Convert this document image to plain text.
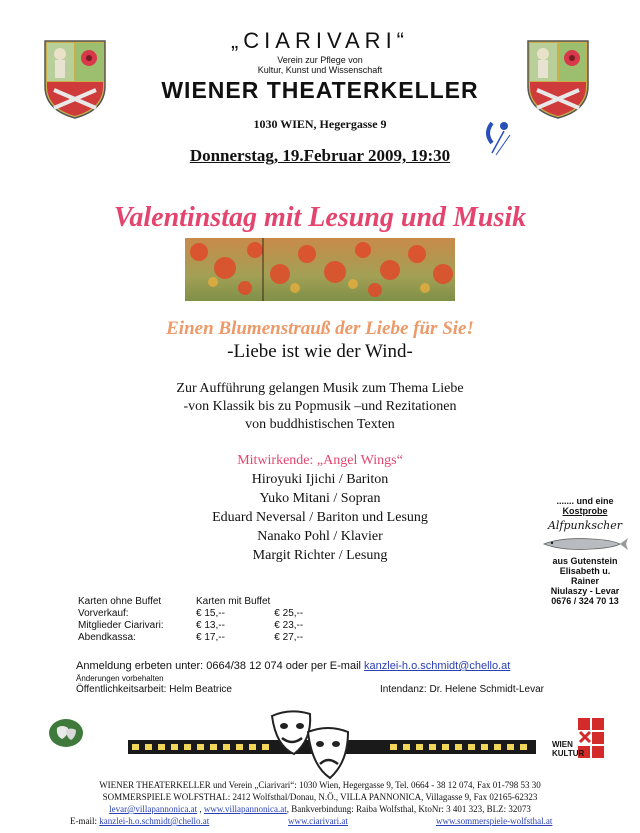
„CIARIVARI“
Verein zur Pflege von
Kultur, Kunst und Wissenschaft
WIENER THEATERKELLER
1030 WIEN, Hegergasse 9
Donnerstag, 19.Februar 2009, 19:30
Valentinstag mit Lesung und Musik
Einen Blumenstrauß der Liebe für Sie!
-Liebe ist wie der Wind-
Zur Aufführung gelangen Musik zum Thema Liebe
-von Klassik bis zu Popmusik –und Rezitationen
von buddhistischen Texten
Mitwirkende: „Angel Wings“
Hiroyuki Ijichi / Bariton
Yuko Mitani / Sopran
Eduard Neversal / Bariton und Lesung
Nanako Pohl / Klavier
Margit Richter / Lesung
....... und eine
Kostprobe
Alfpunkscher
aus Gutenstein
Elisabeth u.
Rainer
Niulaszy - Levar
0676 / 324 70 13
Karten ohne Buffet	Karten mit Buffet	
Vorverkauf:	€ 15,--	€ 25,--
Mitglieder Ciarivari:	€ 13,--	€ 23,--
Abendkassa:	€ 17,--	€ 27,--
Anmeldung erbeten unter: 0664/38 12 074 oder per E-mail kanzlei-h.o.schmidt@chello.at
Änderungen vorbehalten
Öffentlichkeitsarbeit: Helm Beatrice	Intendanz: Dr. Helene Schmidt-Levar
WIEN KULTUR
WIENER THEATERKELLER und Verein „Ciarivari“: 1030 Wien, Hegergasse 9, Tel. 0664 - 38 12 074, Fax 01-798 53 30
SOMMERSPIELE WOLFSTHAL: 2412 Wolfsthal/Donau, N.Ö., VILLA PANNONICA, Villagasse 9, Fax 02165-62323
levar@villapannonica.at , www.villapannonica.at, Bankverbindung: Raiba Wolfsthal, KtoNr: 3 401 323, BLZ: 32073
E-mail: kanzlei-h.o.schmidt@chello.at	www.ciarivari.at	www.sommerspiele-wolfsthal.at
